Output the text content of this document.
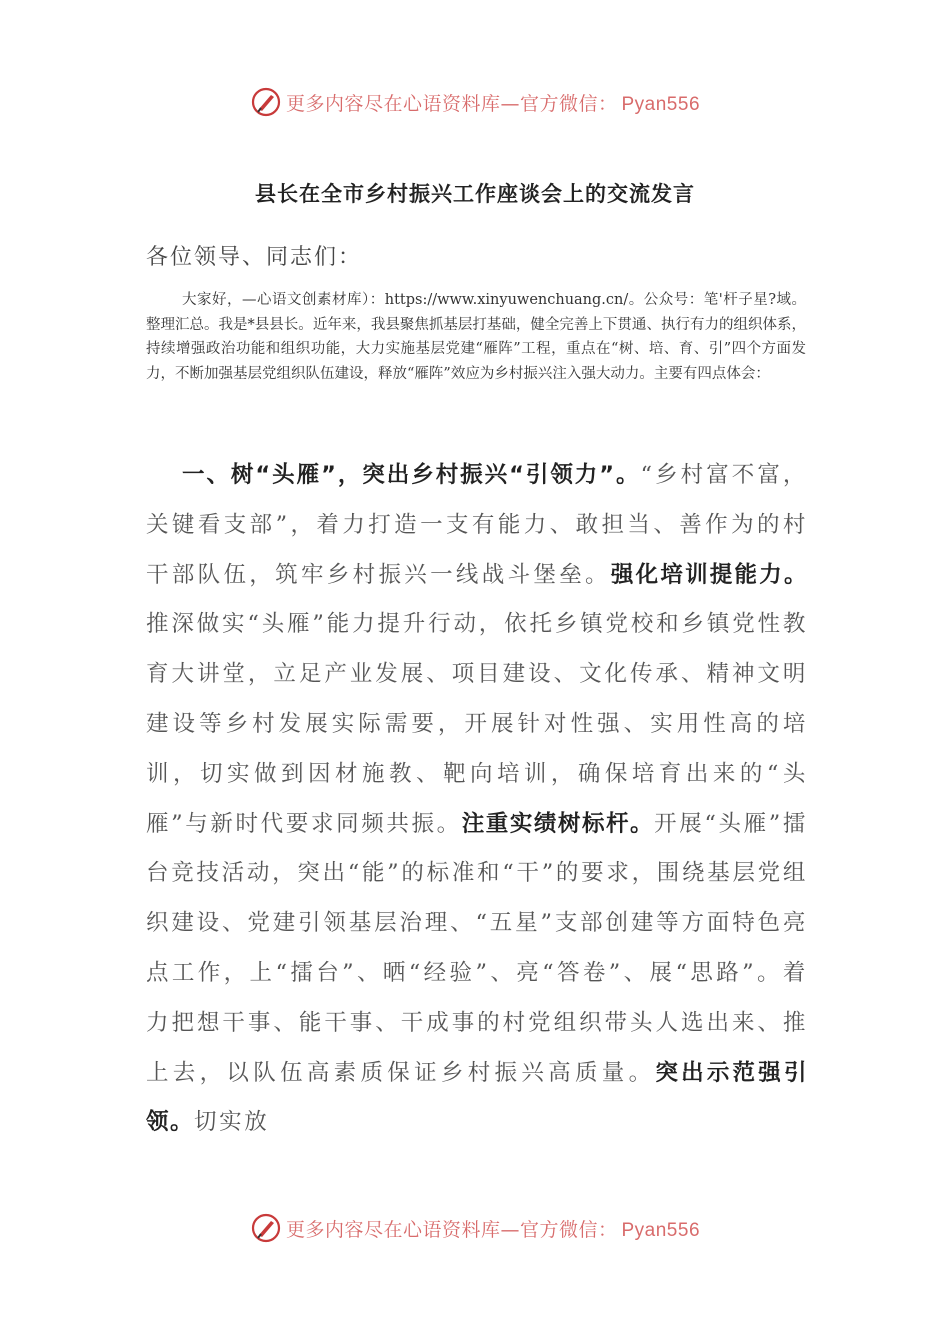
更多内容尽在心语资料库—官方微信： Pyan556
县长在全市乡村振兴工作座谈会上的交流发言
各位领导、同志们：
大家好，—心语文创素材库）：https://www.xinyuwenchuang.cn/。公众号：笔'杆子星?域。整理汇总。我是*县县长。近年来，我县聚焦抓基层打基础，健全完善上下贯通、执行有力的组织体系，持续增强政治功能和组织功能，大力实施基层党建“雁阵”工程，重点在“树、培、育、引”四个方面发力，不断加强基层党组织队伍建设，释放“雁阵”效应为乡村振兴注入强大动力。主要有四点体会：
一、树“头雁”，突出乡村振兴“引领力”。“乡村富不富，关键看支部”，着力打造一支有能力、敢担当、善作为的村干部队伍，筑牢乡村振兴一线战斗堡垒。强化培训提能力。推深做实“头雁”能力提升行动，依托乡镇党校和乡镇党性教育大讲堂，立足产业发展、项目建设、文化传承、精神文明建设等乡村发展实际需要，开展针对性强、实用性高的培训，切实做到因材施教、靶向培训，确保培育出来的“头雁”与新时代要求同频共振。注重实绩树标杆。开展“头雁”擂台竞技活动，突出“能”的标准和“干”的要求，围绕基层党组织建设、党建引领基层治理、“五星”支部创建等方面特色亮点工作，上“擂台”、晒“经验”、亮“答卷”、展“思路”。着力把想干事、能干事、干成事的村党组织带头人选出来、推上去，以队伍高素质保证乡村振兴高质量。突出示范强引领。切实放
更多内容尽在心语资料库—官方微信： Pyan556
